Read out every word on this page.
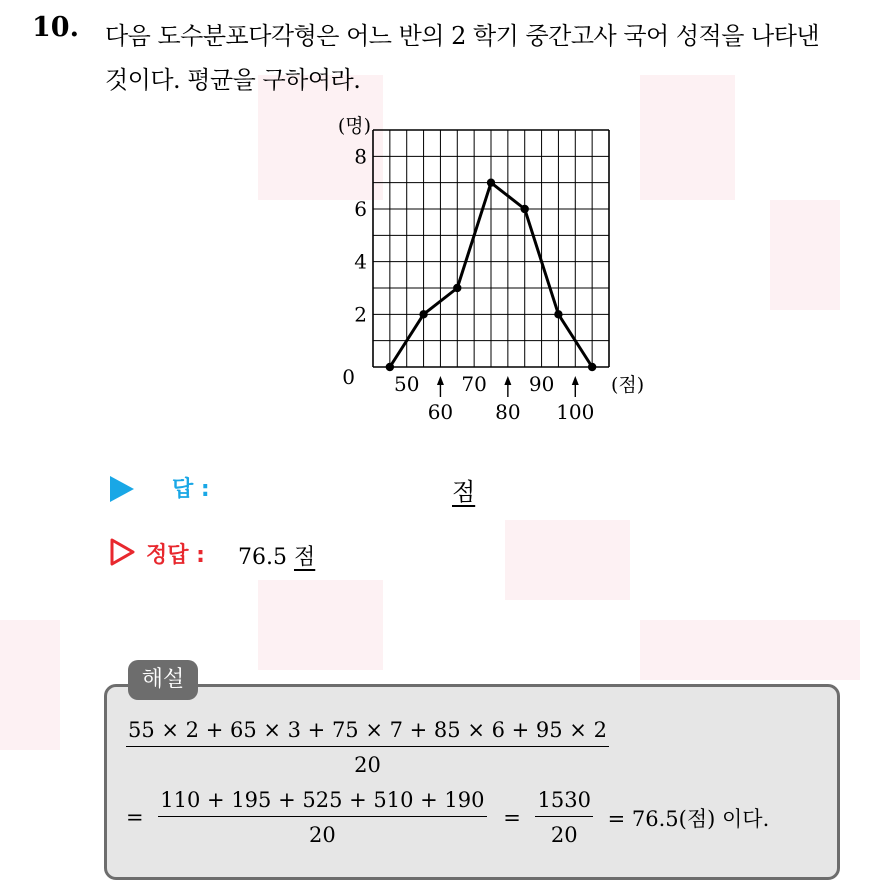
10. 다음 도수분포다각형은 어느 반의 2 학기 중간고사 국어 성적을 나타낸
것이다. 평균을 구하여라.
0
2
4
6
8
(명)
50 70 90
60 80 100
(점)
답 :	점
정답 : 76.5 점
해설
$\frac{55 \times 2 + 65 \times 3 + 75 \times 7 + 85 \times 6 + 95 \times 2}{20}$
= $\frac{110 + 195 + 525 + 510 + 190}{20} = \frac{1530}{20} = 76.5$(점) 이다.
